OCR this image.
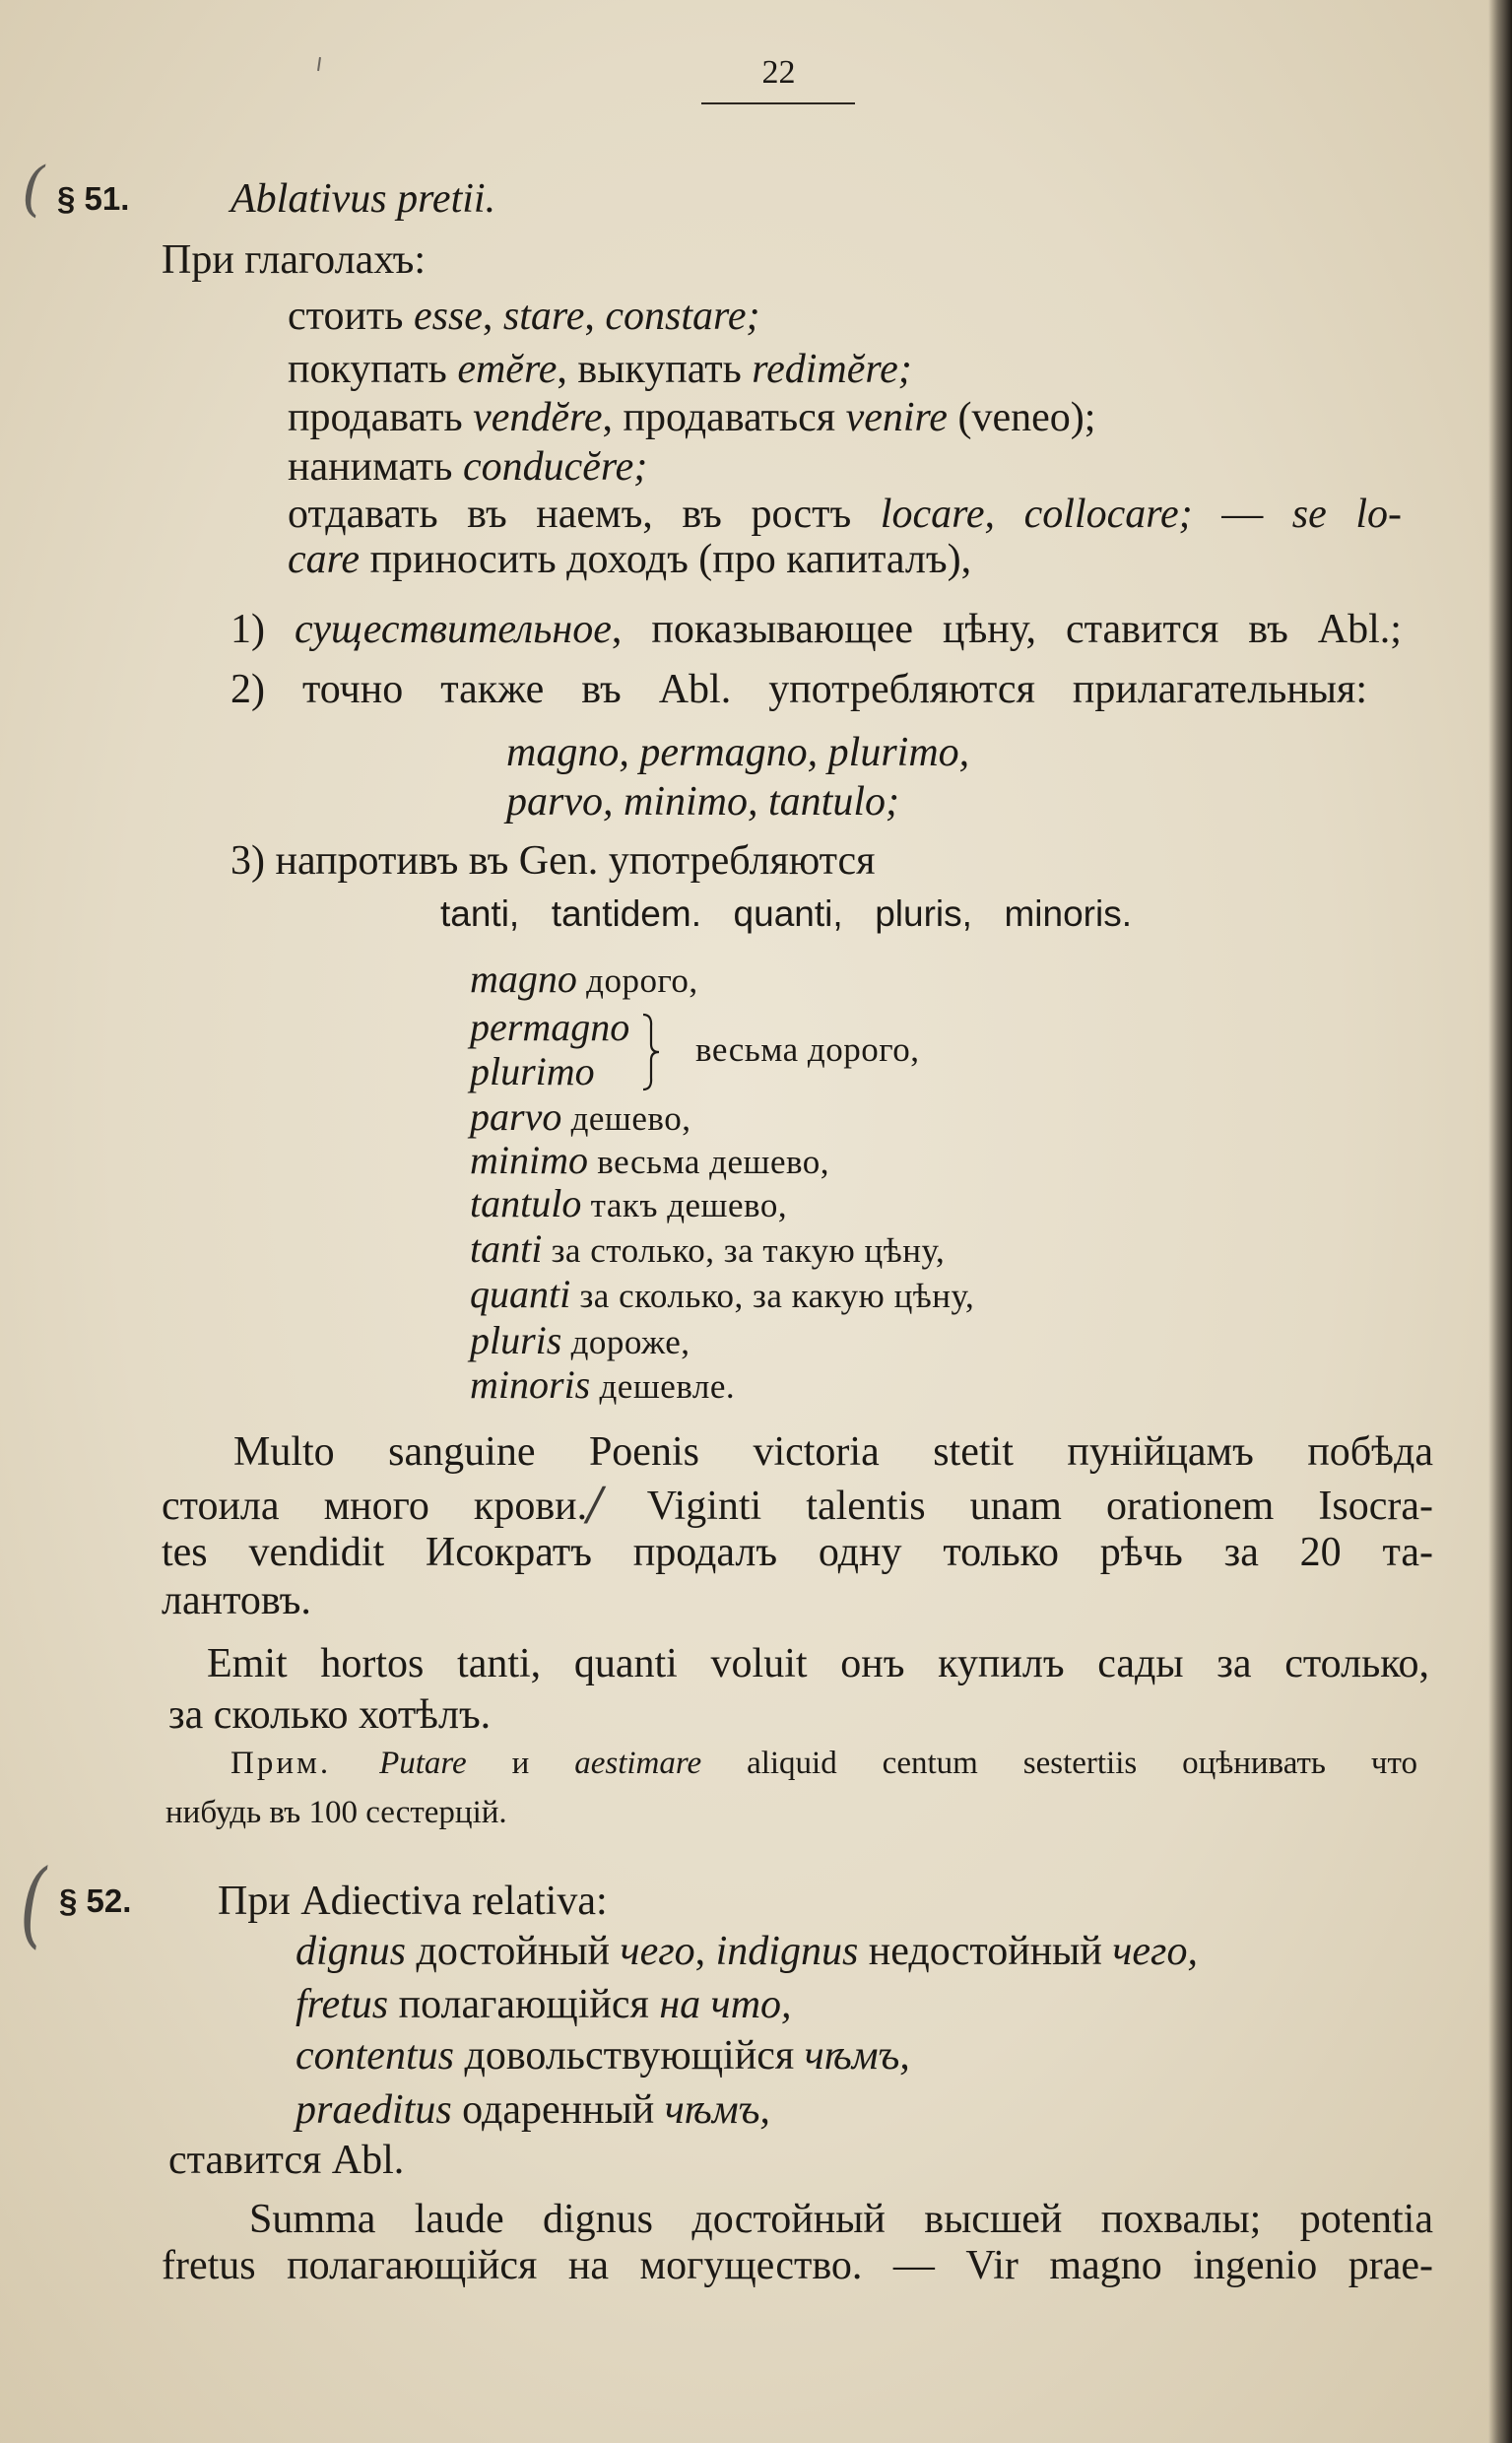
22
( § 51. Ablativus pretii.
При глаголахъ:
стоить esse, stare, constare;
покупать emĕre, выкупать redimĕre;
продавать vendĕre, продаваться venire (veneo);
нанимать conducĕre;
отдавать въ наемъ, въ ростъ locare, collocare; — se lo-
care приносить доходъ (про капиталъ),
1) существительное, показывающее цѣну, ставится въ Abl.;
2) точно также въ Abl. употребляются прилагательныя:
magno, permagno, plurimo,
parvo, minimo, tantulo;
3) напротивъ въ Gen. употребляются
tanti, tantidem. quanti, pluris, minoris.
magno дорого,
permagno
plurimo	весьма дорого,
parvo дешево,
minimo весьма дешево,
tantulo такъ дешево,
tanti за столько, за такую цѣну,
quanti за сколько, за какую цѣну,
pluris дороже,
minoris дешевле.
Multo sanguine Poenis victoria stetit пунійцамъ побѣда
стоила много крови./ Viginti talentis unam orationem Isocra-
tes vendidit Исократъ продалъ одну только рѣчь за 20 та-
лантовъ.
Emit hortos tanti, quanti voluit онъ купилъ сады за столько,
за сколько хотѣлъ.
Прим. Putare и aestimare aliquid centum sestertiis оцѣнивать что
нибудь въ 100 сестерцій.
( § 52. При Adiectiva relativa:
dignus достойный чего, indignus недостойный чего,
fretus полагающійся на что,
contentus довольствующійся чѣмъ,
praeditus одаренный чѣмъ,
ставится Abl.
Summa laude dignus достойный высшей похвалы; potentia
fretus полагающійся на могущество. — Vir magno ingenio prae-
